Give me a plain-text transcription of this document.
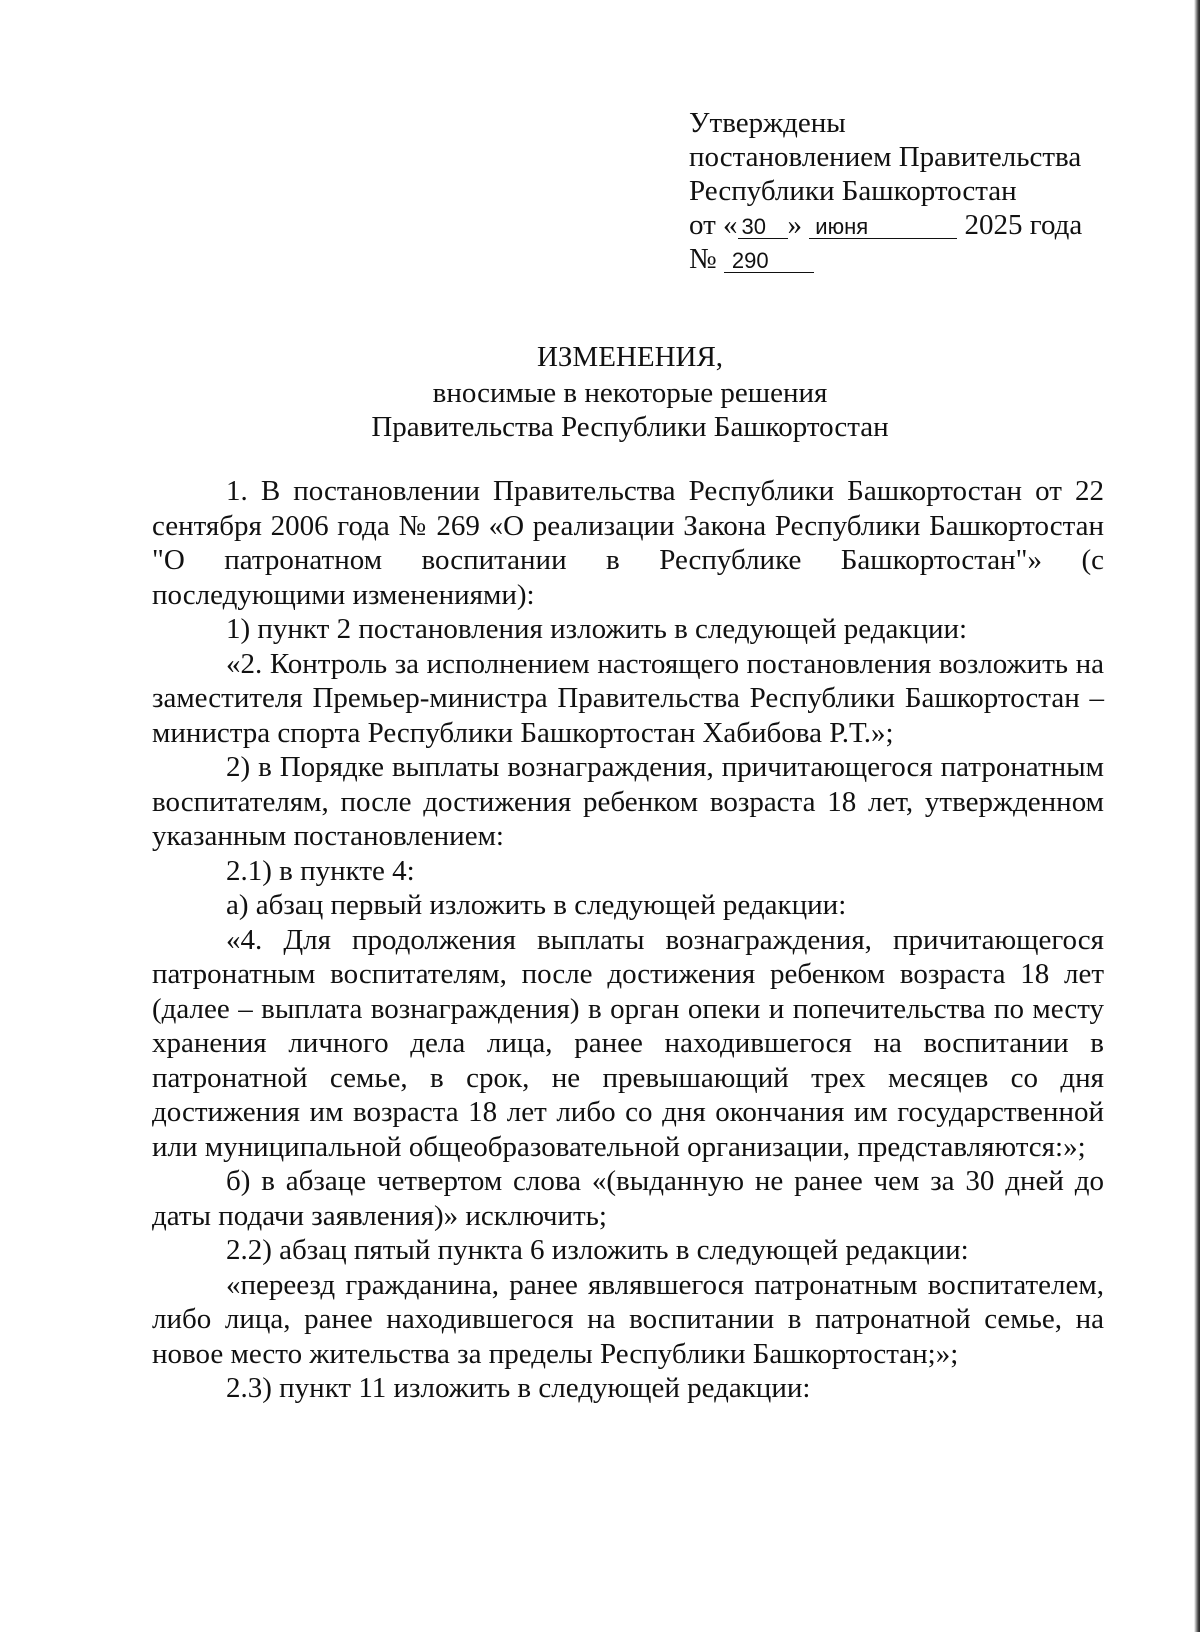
Утверждены
постановлением Правительства
Республики Башкортостан
от « 30 » июня	2025 года
№ 290
ИЗМЕНЕНИЯ,
вносимые в некоторые решения
Правительства Республики Башкортостан

1. В постановлении Правительства Республики Башкортостан от 22 сентября 2006 года № 269 «О реализации Закона Республики Башкортостан "О патронатном воспитании в Республике Башкортостан"» (с последующими изменениями):

1) пункт 2 постановления изложить в следующей редакции:

«2. Контроль за исполнением настоящего постановления возложить на заместителя Премьер-министра Правительства Республики Башкортостан – министра спорта Республики Башкортостан Хабибова Р.Т.»;

2) в Порядке выплаты вознаграждения, причитающегося патронатным воспитателям, после достижения ребенком возраста 18 лет, утвержденном указанным постановлением:

2.1) в пункте 4:

а) абзац первый изложить в следующей редакции:

«4. Для продолжения выплаты вознаграждения, причитающегося патронатным воспитателям, после достижения ребенком возраста 18 лет (далее – выплата вознаграждения) в орган опеки и попечительства по месту хранения личного дела лица, ранее находившегося на воспитании в патронатной семье, в срок, не превышающий трех месяцев со дня достижения им возраста 18 лет либо со дня окончания им государственной или муниципальной общеобразовательной организации, представляются:»;

б) в абзаце четвертом слова «(выданную не ранее чем за 30 дней до даты подачи заявления)» исключить;

2.2) абзац пятый пункта 6 изложить в следующей редакции:

«переезд гражданина, ранее являвшегося патронатным воспитателем, либо лица, ранее находившегося на воспитании в патронатной семье, на новое место жительства за пределы Республики Башкортостан;»;

2.3) пункт 11 изложить в следующей редакции:
